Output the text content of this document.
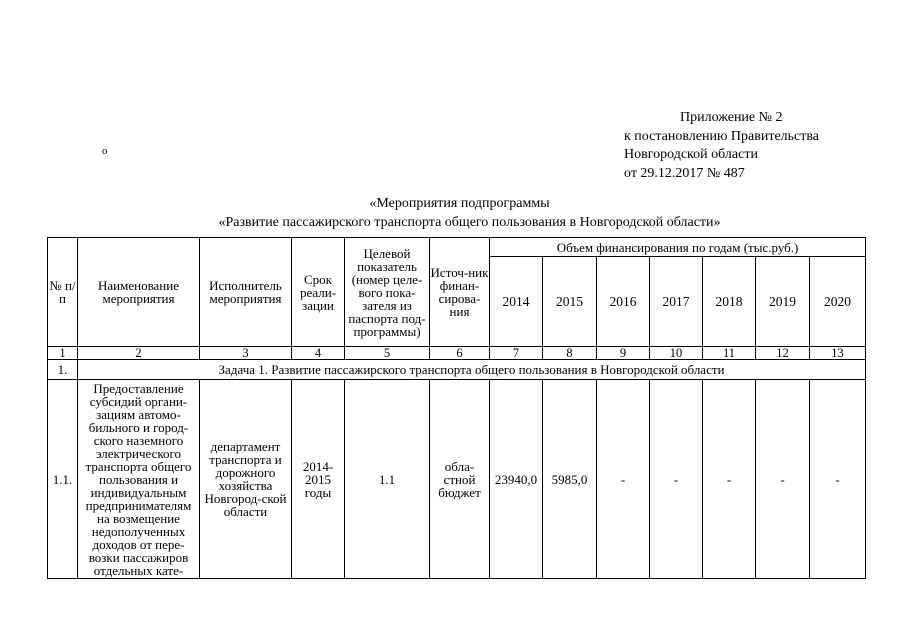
Приложение № 2
к постановлению Правительства
Новгородской области
от 29.12.2017 № 487
о
«Мероприятия подпрограммы
«Развитие пассажирского транспорта общего пользования в Новгородской области»
№ п/п	Наименование мероприятия	Исполнитель мероприятия	Срок реали-зации	Целевой показатель (номер целе-вого пока-зателя из паспорта под-программы)	Источ-ник финан-сирова-ния	Объем финансирования по годам (тыс.руб.)						
						2014	2015	2016	2017	2018	2019	2020
1	2	3	4	5	6	7	8	9	10	11	12	13
1.	Задача 1. Развитие пассажирского транспорта общего пользования в Новгородской области											
1.1.	Предоставление субсидий органи-зациям автомо-бильного и город-ского наземного электрического транспорта общего пользования и индивидуальным предпринимателям на возмещение недополученных доходов от пере-возки пассажиров отдельных кате-	департамент транспорта и дорожного хозяйства Новгород-ской области	2014-2015 годы	1.1	обла-стной бюджет	23940,0	5985,0	-	-	-	-	-
